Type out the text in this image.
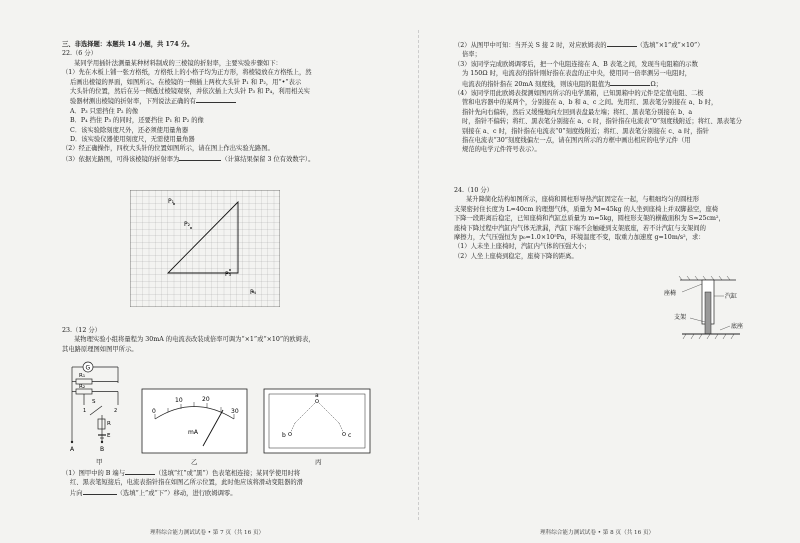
三、非选择题：本题共 14 小题，共 174 分。

22.（6 分）

某同学用插针法测量某种材料制成的三棱镜的折射率，主要实验步骤如下：

（1）先在木板上铺一张方格纸，方格纸上的小格子均为正方形，将棱镜放在方格纸上，然

后画出棱镜的界面，如图所示。在棱镜的一侧插上两枚大头针 P₁ 和 P₂，用“•”表示

大头针的位置，然后在另一侧透过棱镜观察，并依次插上大头针 P₃ 和 P₄，利用相关实

验器材测出棱镜的折射率，下列说法正确的有

A．P₃ 只需挡住 P₂ 的像

B．P₄ 挡住 P₃ 的同时，还要挡住 P₁ 和 P₂ 的像

C．该实验除刻度尺外，还必须使用量角器

D．该实验仪器使用刻度尺，无需使用量角器

（2）经正确操作，四枚大头针的位置如图所示，请在图上作出实验光路图。

（3）依据光路图，可得该棱镜的折射率为	（计算结果保留 3 位有效数字）。

P₁
P₂
P₃
P₄

23.（12 分）

某物理实验小组将量程为 30mA 的电流表改装成倍率可调为“×1”或“×10”的欧姆表，

其电路原理图如图甲所示。

G
R₁
R₂
S
1	2
R
E
A	B
0
10	20
30
mA
a
b	c
甲	乙	丙

（1）图甲中的 B 端与	（选填“红”或“黑”）色表笔相连接；某同学使用时将

红、黑表笔短接后，电流表指针指在如图乙所示位置，此时他应该将滑动变阻器的滑

片向	（选填“上”或“下”）移动，进行欧姆调零。

理科综合能力测试试卷 • 第 7 页（共 16 页）

（2）从图甲中可知：当开关 S 接 2 时，对应欧姆表的	（选填“×1”或“×10”）

倍率；

（3）该同学完成欧姆调零后，把一个电阻连接在 A、B 表笔之间，发现当电阻箱的示数

为 150Ω 时，电流表的指针刚好指在表盘的正中央，使用同一倍率测另一电阻时，

电流表的指针指在 20mA 刻度线，则该电阻的阻值为	Ω；

（4）该同学用此欧姆表探测如图丙所示的电学黑箱，已知黑箱中的元件是定值电阻、二极

管和电容器中的某两个，分别接在 a、b 和 a、c 之间。先用红、黑表笔分别接在 a、b 时，

指针先向右偏转，然后又缓慢地向左回到表盘最左端；将红、黑表笔分别接在 b、a

时，指针不偏转；将红、黑表笔分别接在 a、c 时，指针指在电流表“0”刻度线附近；将红、黑表笔分

别接在 a、c 时，指针指在电流表“0”刻度线附近；将红、黑表笔分别接在 c、a 时，指针

指在电流表“30”刻度线偏左一点，请在图丙所示的方框中画出相应的电学元件（用

规范的电学元件符号表示）。

24.（10 分）

某升降简化结构如图所示，座椅和圆柱形导热汽缸固定在一起，与粗细均匀的圆柱形

支架密封住长度为 L=40cm 的理想气体，质量为 M=45kg 的人坐到座椅上并双脚悬空，座椅

下降一段距离后稳定，已知座椅和汽缸总质量为 m=5kg，圆柱形支架的横截面积为 S=25cm²，

座椅下降过程中汽缸内气体无泄漏，汽缸下端不会触碰到支架底座，若不计汽缸与支架间的

摩擦力，大气压强恒为 p₀=1.0×10⁵Pa，环境温度不变，取重力加速度 g=10m/s²，求：

（1）人未坐上座椅时，汽缸内气体的压强大小；

（2）人坐上座椅到稳定，座椅下降的距离。

座椅	汽缸
支架
底座
理科综合能力测试试卷 • 第 8 页（共 16 页）
